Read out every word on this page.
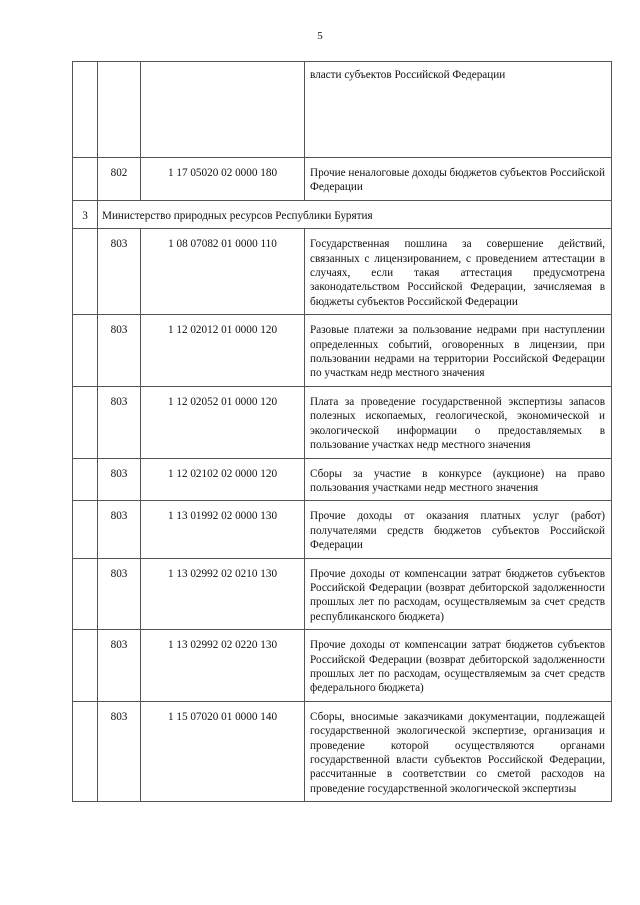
5
			власти субъектов Российской Федерации
	802	1 17 05020 02 0000 180	Прочие неналоговые доходы бюджетов субъектов Российской Федерации
3	Министерство природных ресурсов Республики Бурятия		
	803	1 08 07082 01 0000 110	Государственная пошлина за совершение действий, связанных с лицензированием, с проведением аттестации в случаях, если такая аттестация предусмотрена законодательством Российской Федерации, зачисляемая в бюджеты субъектов Российской Федерации
	803	1 12 02012 01 0000 120	Разовые платежи за пользование недрами при наступлении определенных событий, оговоренных в лицензии, при пользовании недрами на территории Российской Федерации по участкам недр местного значения
	803	1 12 02052 01 0000 120	Плата за проведение государственной экспертизы запасов полезных ископаемых, геологической, экономической и экологической информации о предоставляемых в пользование участках недр местного значения
	803	1 12 02102 02 0000 120	Сборы за участие в конкурсе (аукционе) на право пользования участками недр местного значения
	803	1 13 01992 02 0000 130	Прочие доходы от оказания платных услуг (работ) получателями средств бюджетов субъектов Российской Федерации
	803	1 13 02992 02 0210 130	Прочие доходы от компенсации затрат бюджетов субъектов Российской Федерации (возврат дебиторской задолженности прошлых лет по расходам, осуществляемым за счет средств республиканского бюджета)
	803	1 13 02992 02 0220 130	Прочие доходы от компенсации затрат бюджетов субъектов Российской Федерации (возврат дебиторской задолженности прошлых лет по расходам, осуществляемым за счет средств федерального бюджета)
	803	1 15 07020 01 0000 140	Сборы, вносимые заказчиками документации, подлежащей государственной экологической экспертизе, организация и проведение которой осуществляются органами государственной власти субъектов Российской Федерации, рассчитанные в соответствии со сметой расходов на проведение государственной экологической экспертизы
